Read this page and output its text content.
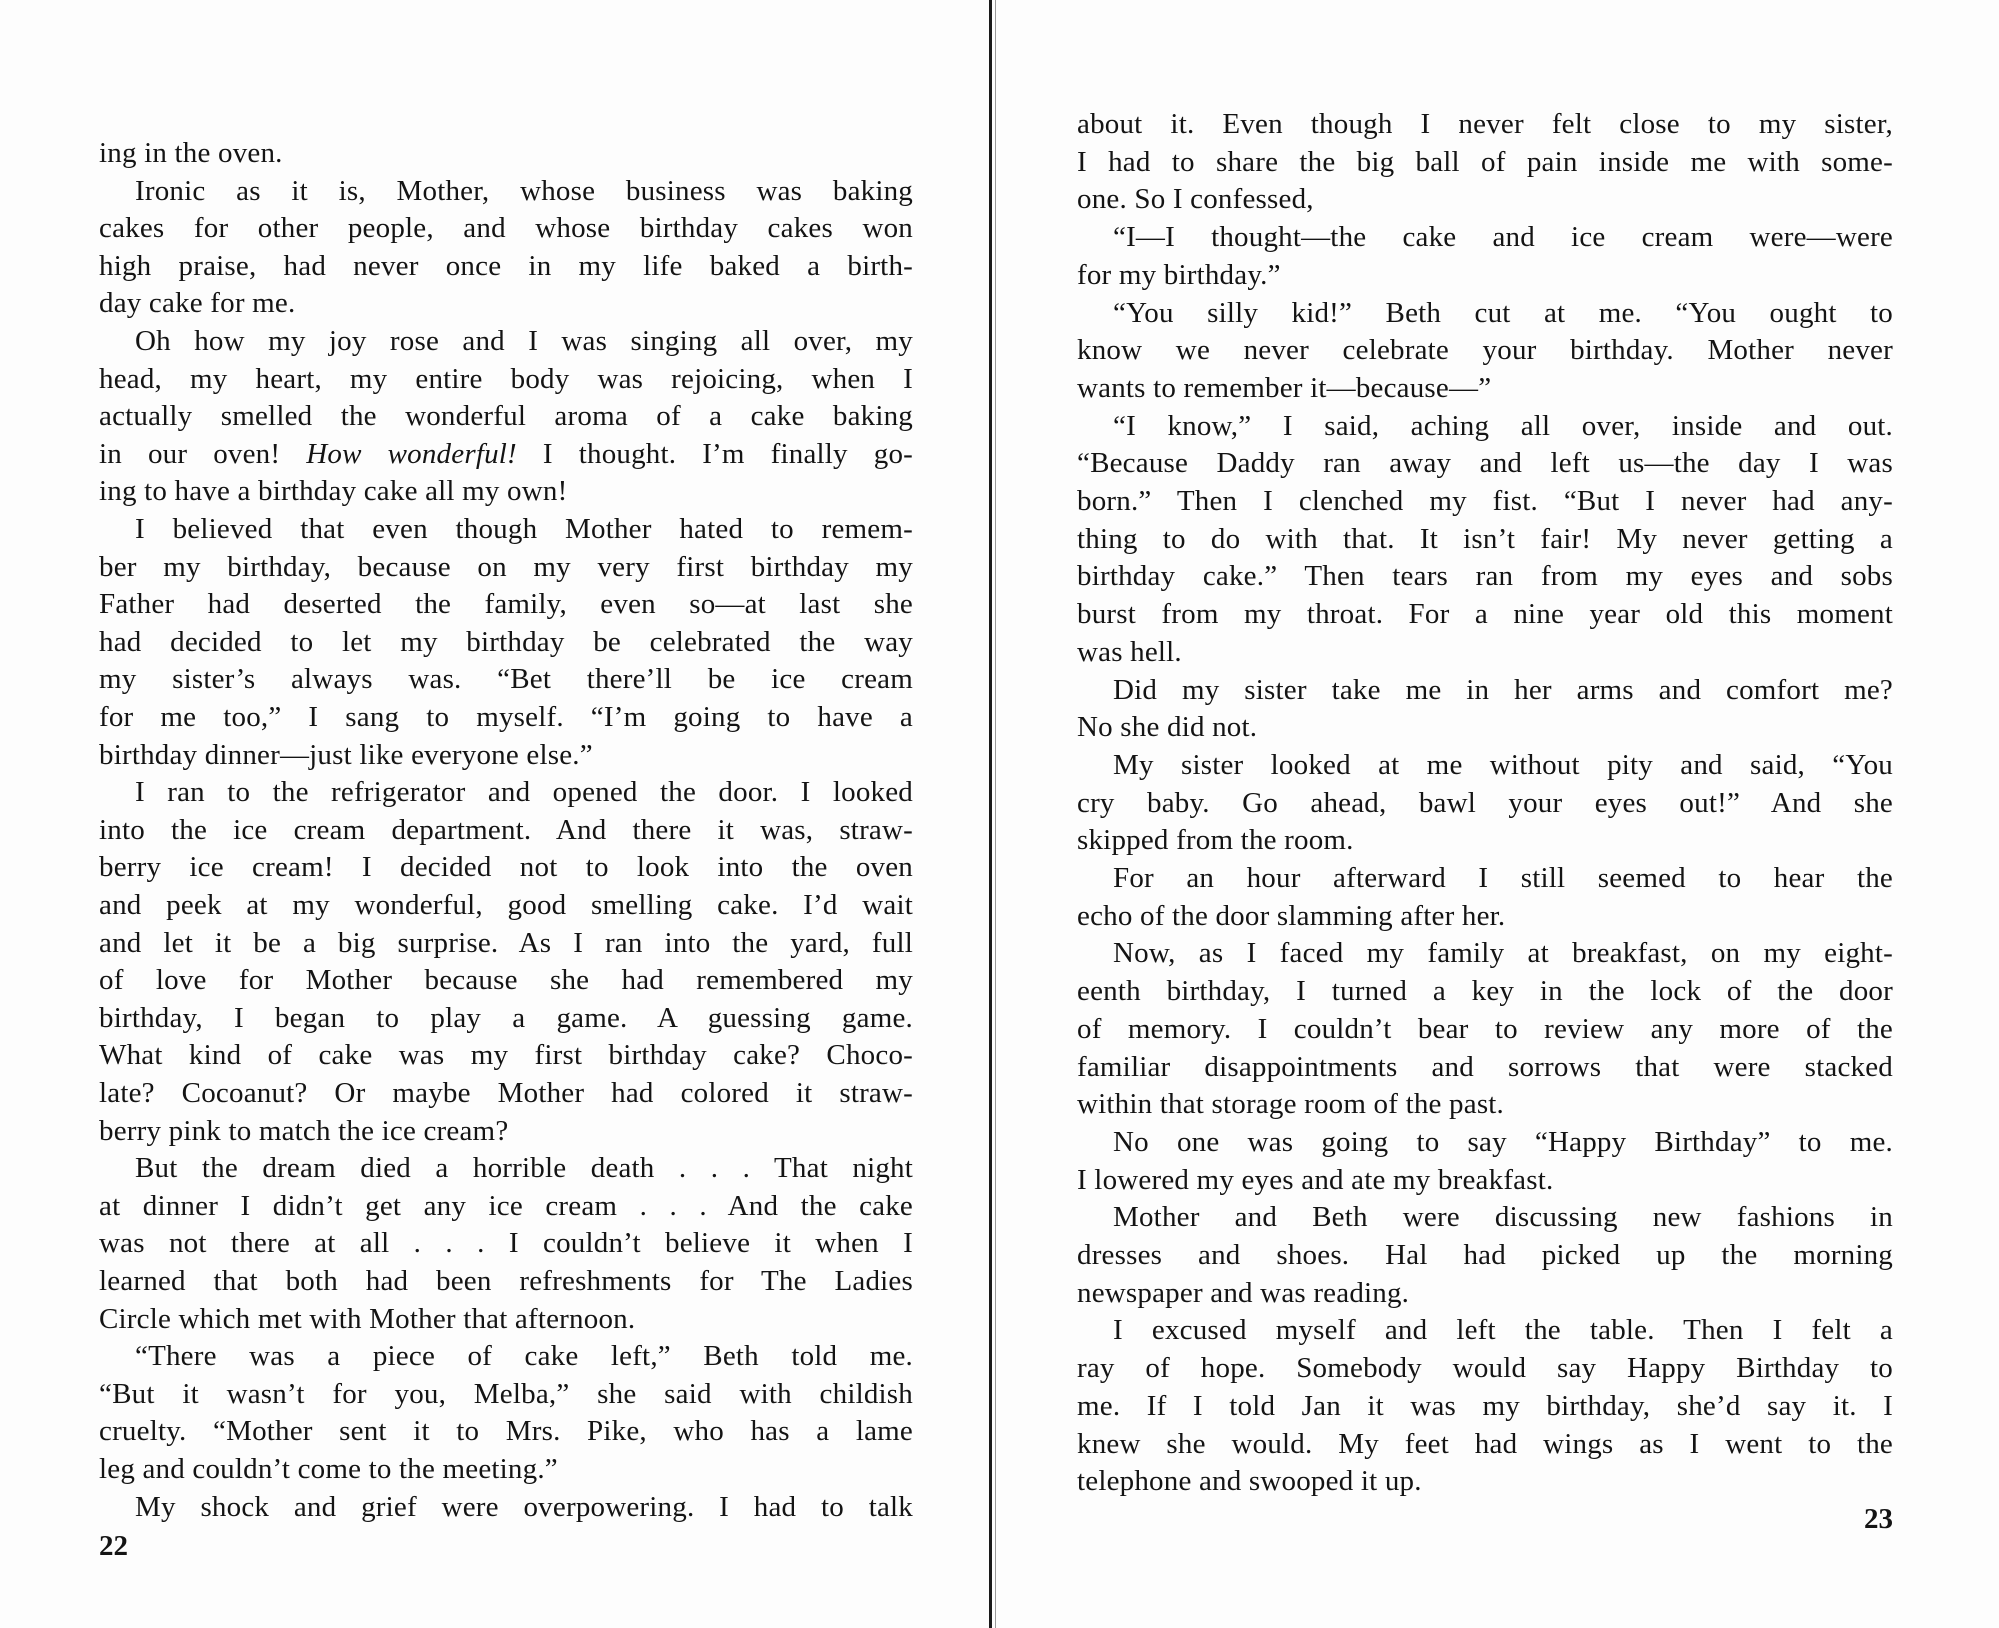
ing in the oven.
Ironic as it is, Mother, whose business was baking
cakes for other people, and whose birthday cakes won
high praise, had never once in my life baked a birth-
day cake for me.
Oh how my joy rose and I was singing all over, my
head, my heart, my entire body was rejoicing, when I
actually smelled the wonderful aroma of a cake baking
in our oven! How wonderful! I thought. I’m finally go-
ing to have a birthday cake all my own!
I believed that even though Mother hated to remem-
ber my birthday, because on my very first birthday my
Father had deserted the family, even so—at last she
had decided to let my birthday be celebrated the way
my sister’s always was. “Bet there’ll be ice cream
for me too,” I sang to myself. “I’m going to have a
birthday dinner—just like everyone else.”
I ran to the refrigerator and opened the door. I looked
into the ice cream department. And there it was, straw-
berry ice cream! I decided not to look into the oven
and peek at my wonderful, good smelling cake. I’d wait
and let it be a big surprise. As I ran into the yard, full
of love for Mother because she had remembered my
birthday, I began to play a game. A guessing game.
What kind of cake was my first birthday cake? Choco-
late? Cocoanut? Or maybe Mother had colored it straw-
berry pink to match the ice cream?
But the dream died a horrible death . . . That night
at dinner I didn’t get any ice cream . . . And the cake
was not there at all . . . I couldn’t believe it when I
learned that both had been refreshments for The Ladies
Circle which met with Mother that afternoon.
“There was a piece of cake left,” Beth told me.
“But it wasn’t for you, Melba,” she said with childish
cruelty. “Mother sent it to Mrs. Pike, who has a lame
leg and couldn’t come to the meeting.”
My shock and grief were overpowering. I had to talk
22
about it. Even though I never felt close to my sister,
I had to share the big ball of pain inside me with some-
one. So I confessed,
“I—I thought—the cake and ice cream were—were
for my birthday.”
“You silly kid!” Beth cut at me. “You ought to
know we never celebrate your birthday. Mother never
wants to remember it—because—”
“I know,” I said, aching all over, inside and out.
“Because Daddy ran away and left us—the day I was
born.” Then I clenched my fist. “But I never had any-
thing to do with that. It isn’t fair! My never getting a
birthday cake.” Then tears ran from my eyes and sobs
burst from my throat. For a nine year old this moment
was hell.
Did my sister take me in her arms and comfort me?
No she did not.
My sister looked at me without pity and said, “You
cry baby. Go ahead, bawl your eyes out!” And she
skipped from the room.
For an hour afterward I still seemed to hear the
echo of the door slamming after her.
Now, as I faced my family at breakfast, on my eight-
eenth birthday, I turned a key in the lock of the door
of memory. I couldn’t bear to review any more of the
familiar disappointments and sorrows that were stacked
within that storage room of the past.
No one was going to say “Happy Birthday” to me.
I lowered my eyes and ate my breakfast.
Mother and Beth were discussing new fashions in
dresses and shoes. Hal had picked up the morning
newspaper and was reading.
I excused myself and left the table. Then I felt a
ray of hope. Somebody would say Happy Birthday to
me. If I told Jan it was my birthday, she’d say it. I
knew she would. My feet had wings as I went to the
telephone and swooped it up.
23
